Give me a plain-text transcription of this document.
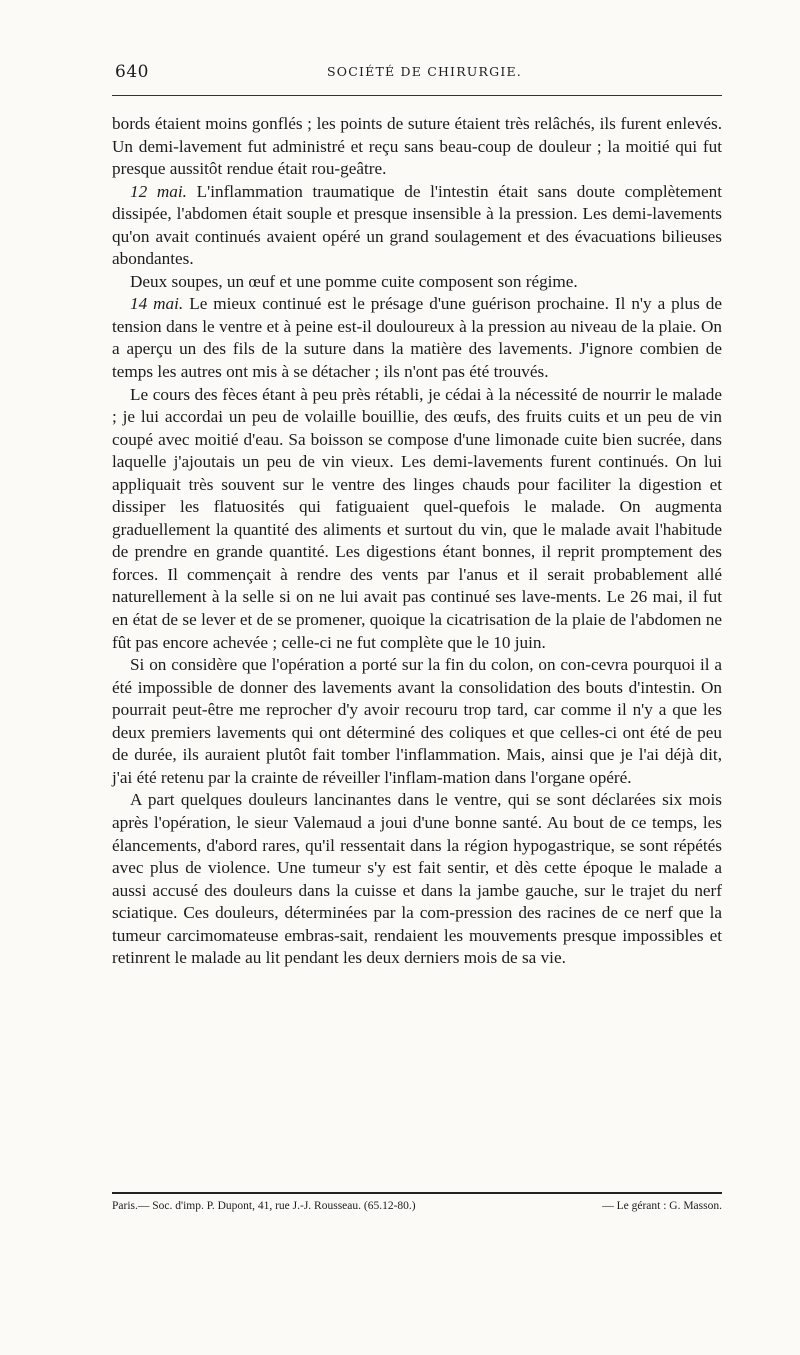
640	SOCIÉTÉ DE CHIRURGIE.

bords étaient moins gonflés ; les points de suture étaient très relâchés, ils furent enlevés. Un demi-lavement fut administré et reçu sans beau-coup de douleur ; la moitié qui fut presque aussitôt rendue était rou-geâtre.

12 mai. L'inflammation traumatique de l'intestin était sans doute complètement dissipée, l'abdomen était souple et presque insensible à la pression. Les demi-lavements qu'on avait continués avaient opéré un grand soulagement et des évacuations bilieuses abondantes.

Deux soupes, un œuf et une pomme cuite composent son régime.

14 mai. Le mieux continué est le présage d'une guérison prochaine. Il n'y a plus de tension dans le ventre et à peine est-il douloureux à la pression au niveau de la plaie. On a aperçu un des fils de la suture dans la matière des lavements. J'ignore combien de temps les autres ont mis à se détacher ; ils n'ont pas été trouvés.

Le cours des fèces étant à peu près rétabli, je cédai à la nécessité de nourrir le malade ; je lui accordai un peu de volaille bouillie, des œufs, des fruits cuits et un peu de vin coupé avec moitié d'eau. Sa boisson se compose d'une limonade cuite bien sucrée, dans laquelle j'ajoutais un peu de vin vieux. Les demi-lavements furent continués. On lui appliquait très souvent sur le ventre des linges chauds pour faciliter la digestion et dissiper les flatuosités qui fatiguaient quel-quefois le malade. On augmenta graduellement la quantité des aliments et surtout du vin, que le malade avait l'habitude de prendre en grande quantité. Les digestions étant bonnes, il reprit promptement des forces. Il commençait à rendre des vents par l'anus et il serait probablement allé naturellement à la selle si on ne lui avait pas continué ses lave-ments. Le 26 mai, il fut en état de se lever et de se promener, quoique la cicatrisation de la plaie de l'abdomen ne fût pas encore achevée ; celle-ci ne fut complète que le 10 juin.

Si on considère que l'opération a porté sur la fin du colon, on con-cevra pourquoi il a été impossible de donner des lavements avant la consolidation des bouts d'intestin. On pourrait peut-être me reprocher d'y avoir recouru trop tard, car comme il n'y a que les deux premiers lavements qui ont déterminé des coliques et que celles-ci ont été de peu de durée, ils auraient plutôt fait tomber l'inflammation. Mais, ainsi que je l'ai déjà dit, j'ai été retenu par la crainte de réveiller l'inflam-mation dans l'organe opéré.

A part quelques douleurs lancinantes dans le ventre, qui se sont déclarées six mois après l'opération, le sieur Valemaud a joui d'une bonne santé. Au bout de ce temps, les élancements, d'abord rares, qu'il ressentait dans la région hypogastrique, se sont répétés avec plus de violence. Une tumeur s'y est fait sentir, et dès cette époque le malade a aussi accusé des douleurs dans la cuisse et dans la jambe gauche, sur le trajet du nerf sciatique. Ces douleurs, déterminées par la com-pression des racines de ce nerf que la tumeur carcimomateuse embras-sait, rendaient les mouvements presque impossibles et retinrent le malade au lit pendant les deux derniers mois de sa vie.

Paris.— Soc. d'imp. P. Dupont, 41, rue J.-J. Rousseau. (65.12-80.)	— Le gérant : G. Masson.
